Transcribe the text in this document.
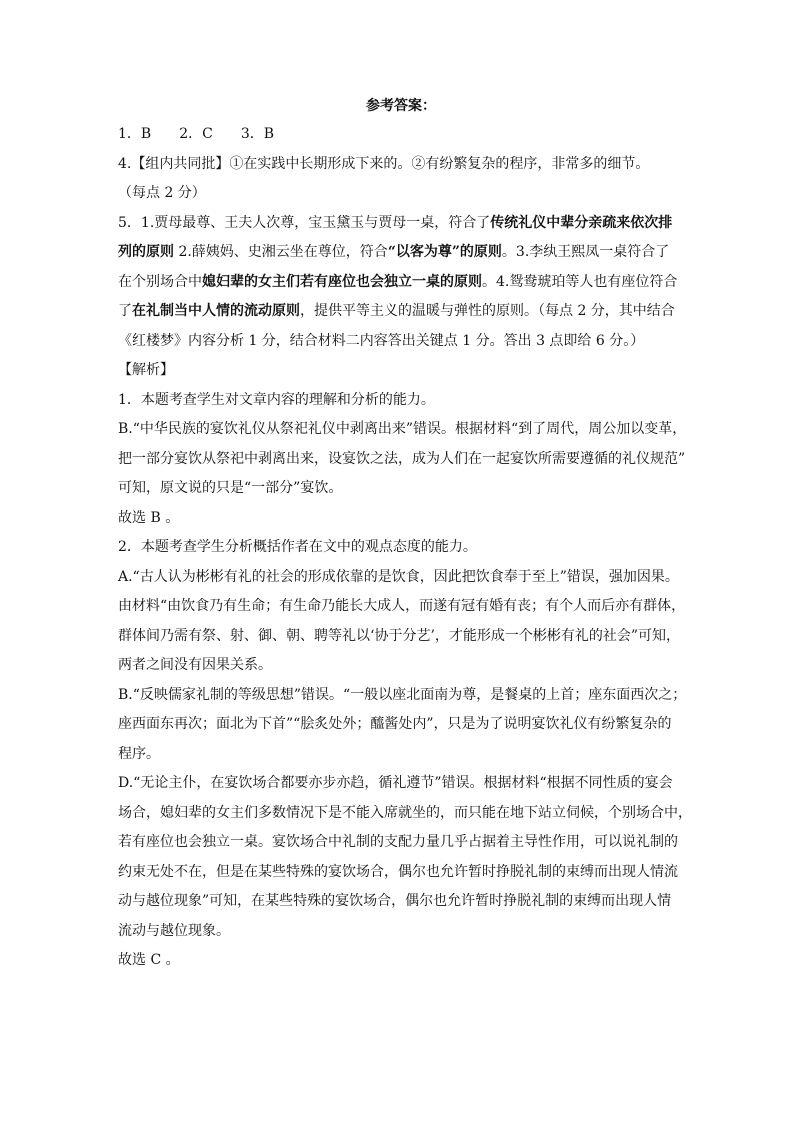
参考答案：
1．B 2．C 3．B
4.【组内共同批】①在实践中长期形成下来的。②有纷繁复杂的程序，非常多的细节。
（每点 2 分）
5．1.贾母最尊、王夫人次尊，宝玉黛玉与贾母一桌，符合了传统礼仪中辈分亲疏来依次排
列的原则 2.薛姨妈、史湘云坐在尊位，符合“以客为尊”的原则。3.李纨王熙凤一桌符合了
在个别场合中媳妇辈的女主们若有座位也会独立一桌的原则。4.鸳鸯琥珀等人也有座位符合
了在礼制当中人情的流动原则，提供平等主义的温暖与弹性的原则。（每点 2 分，其中结合
《红楼梦》内容分析 1 分，结合材料二内容答出关键点 1 分。答出 3 点即给 6 分。）
【解析】
1．本题考查学生对文章内容的理解和分析的能力。
B.“中华民族的宴饮礼仪从祭祀礼仪中剥离出来”错误。根据材料“到了周代，周公加以变革，
把一部分宴饮从祭祀中剥离出来，设宴饮之法，成为人们在一起宴饮所需要遵循的礼仪规范”
可知，原文说的只是“一部分”宴饮。
故选 B 。
2．本题考查学生分析概括作者在文中的观点态度的能力。
A.“古人认为彬彬有礼的社会的形成依靠的是饮食，因此把饮食奉于至上”错误，强加因果。
由材料“由饮食乃有生命；有生命乃能长大成人，而遂有冠有婚有丧；有个人而后亦有群体，
群体间乃需有祭、射、御、朝、聘等礼以‘协于分艺’，才能形成一个彬彬有礼的社会”可知，
两者之间没有因果关系。
B.“反映儒家礼制的等级思想”错误。“一般以座北面南为尊，是餐桌的上首；座东面西次之；
座西面东再次；面北为下首”“脍炙处外；醯酱处内”，只是为了说明宴饮礼仪有纷繁复杂的
程序。
D.“无论主仆，在宴饮场合都要亦步亦趋，循礼遵节”错误。根据材料“根据不同性质的宴会
场合，媳妇辈的女主们多数情况下是不能入席就坐的，而只能在地下站立伺候，个别场合中，
若有座位也会独立一桌。宴饮场合中礼制的支配力量几乎占据着主导性作用，可以说礼制的
约束无处不在，但是在某些特殊的宴饮场合，偶尔也允许暂时挣脱礼制的束缚而出现人情流
动与越位现象”可知，在某些特殊的宴饮场合，偶尔也允许暂时挣脱礼制的束缚而出现人情
流动与越位现象。
故选 C 。
